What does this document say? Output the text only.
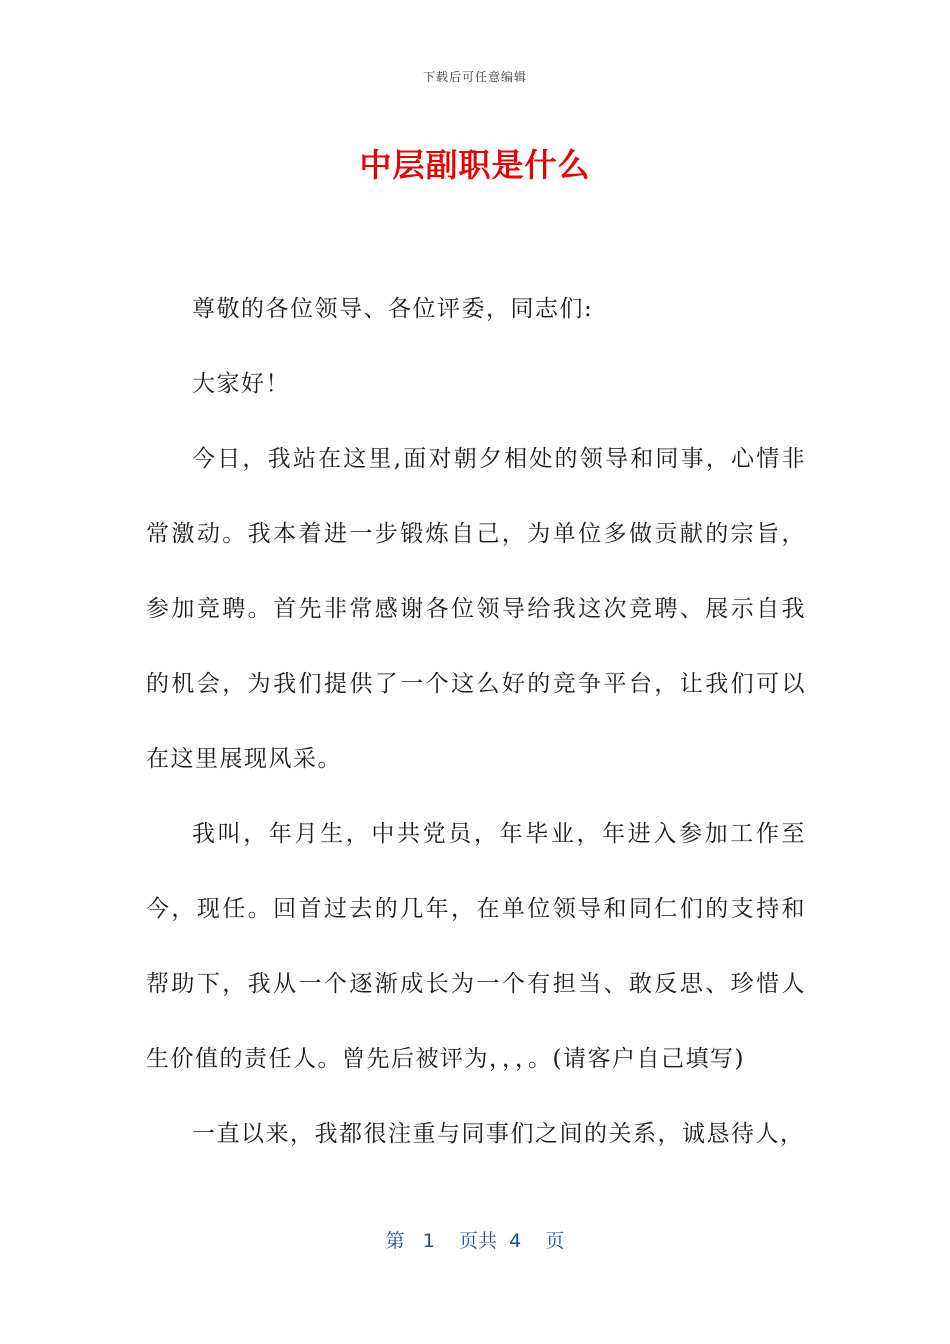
下载后可任意编辑
中层副职是什么

尊敬的各位领导、各位评委，同志们:

大家好！

今日，我站在这里,面对朝夕相处的领导和同事，心情非常激动。我本着进一步锻炼自己，为单位多做贡献的宗旨，参加竞聘。首先非常感谢各位领导给我这次竞聘、展示自我的机会，为我们提供了一个这么好的竞争平台，让我们可以在这里展现风采。

我叫，年月生，中共党员，年毕业，年进入参加工作至今，现任。回首过去的几年，在单位领导和同仁们的支持和帮助下，我从一个逐渐成长为一个有担当、敢反思、珍惜人生价值的责任人。曾先后被评为，，，。(请客户自己填写)

一直以来，我都很注重与同事们之间的关系，诚恳待人，

第 1 页共 4 页
